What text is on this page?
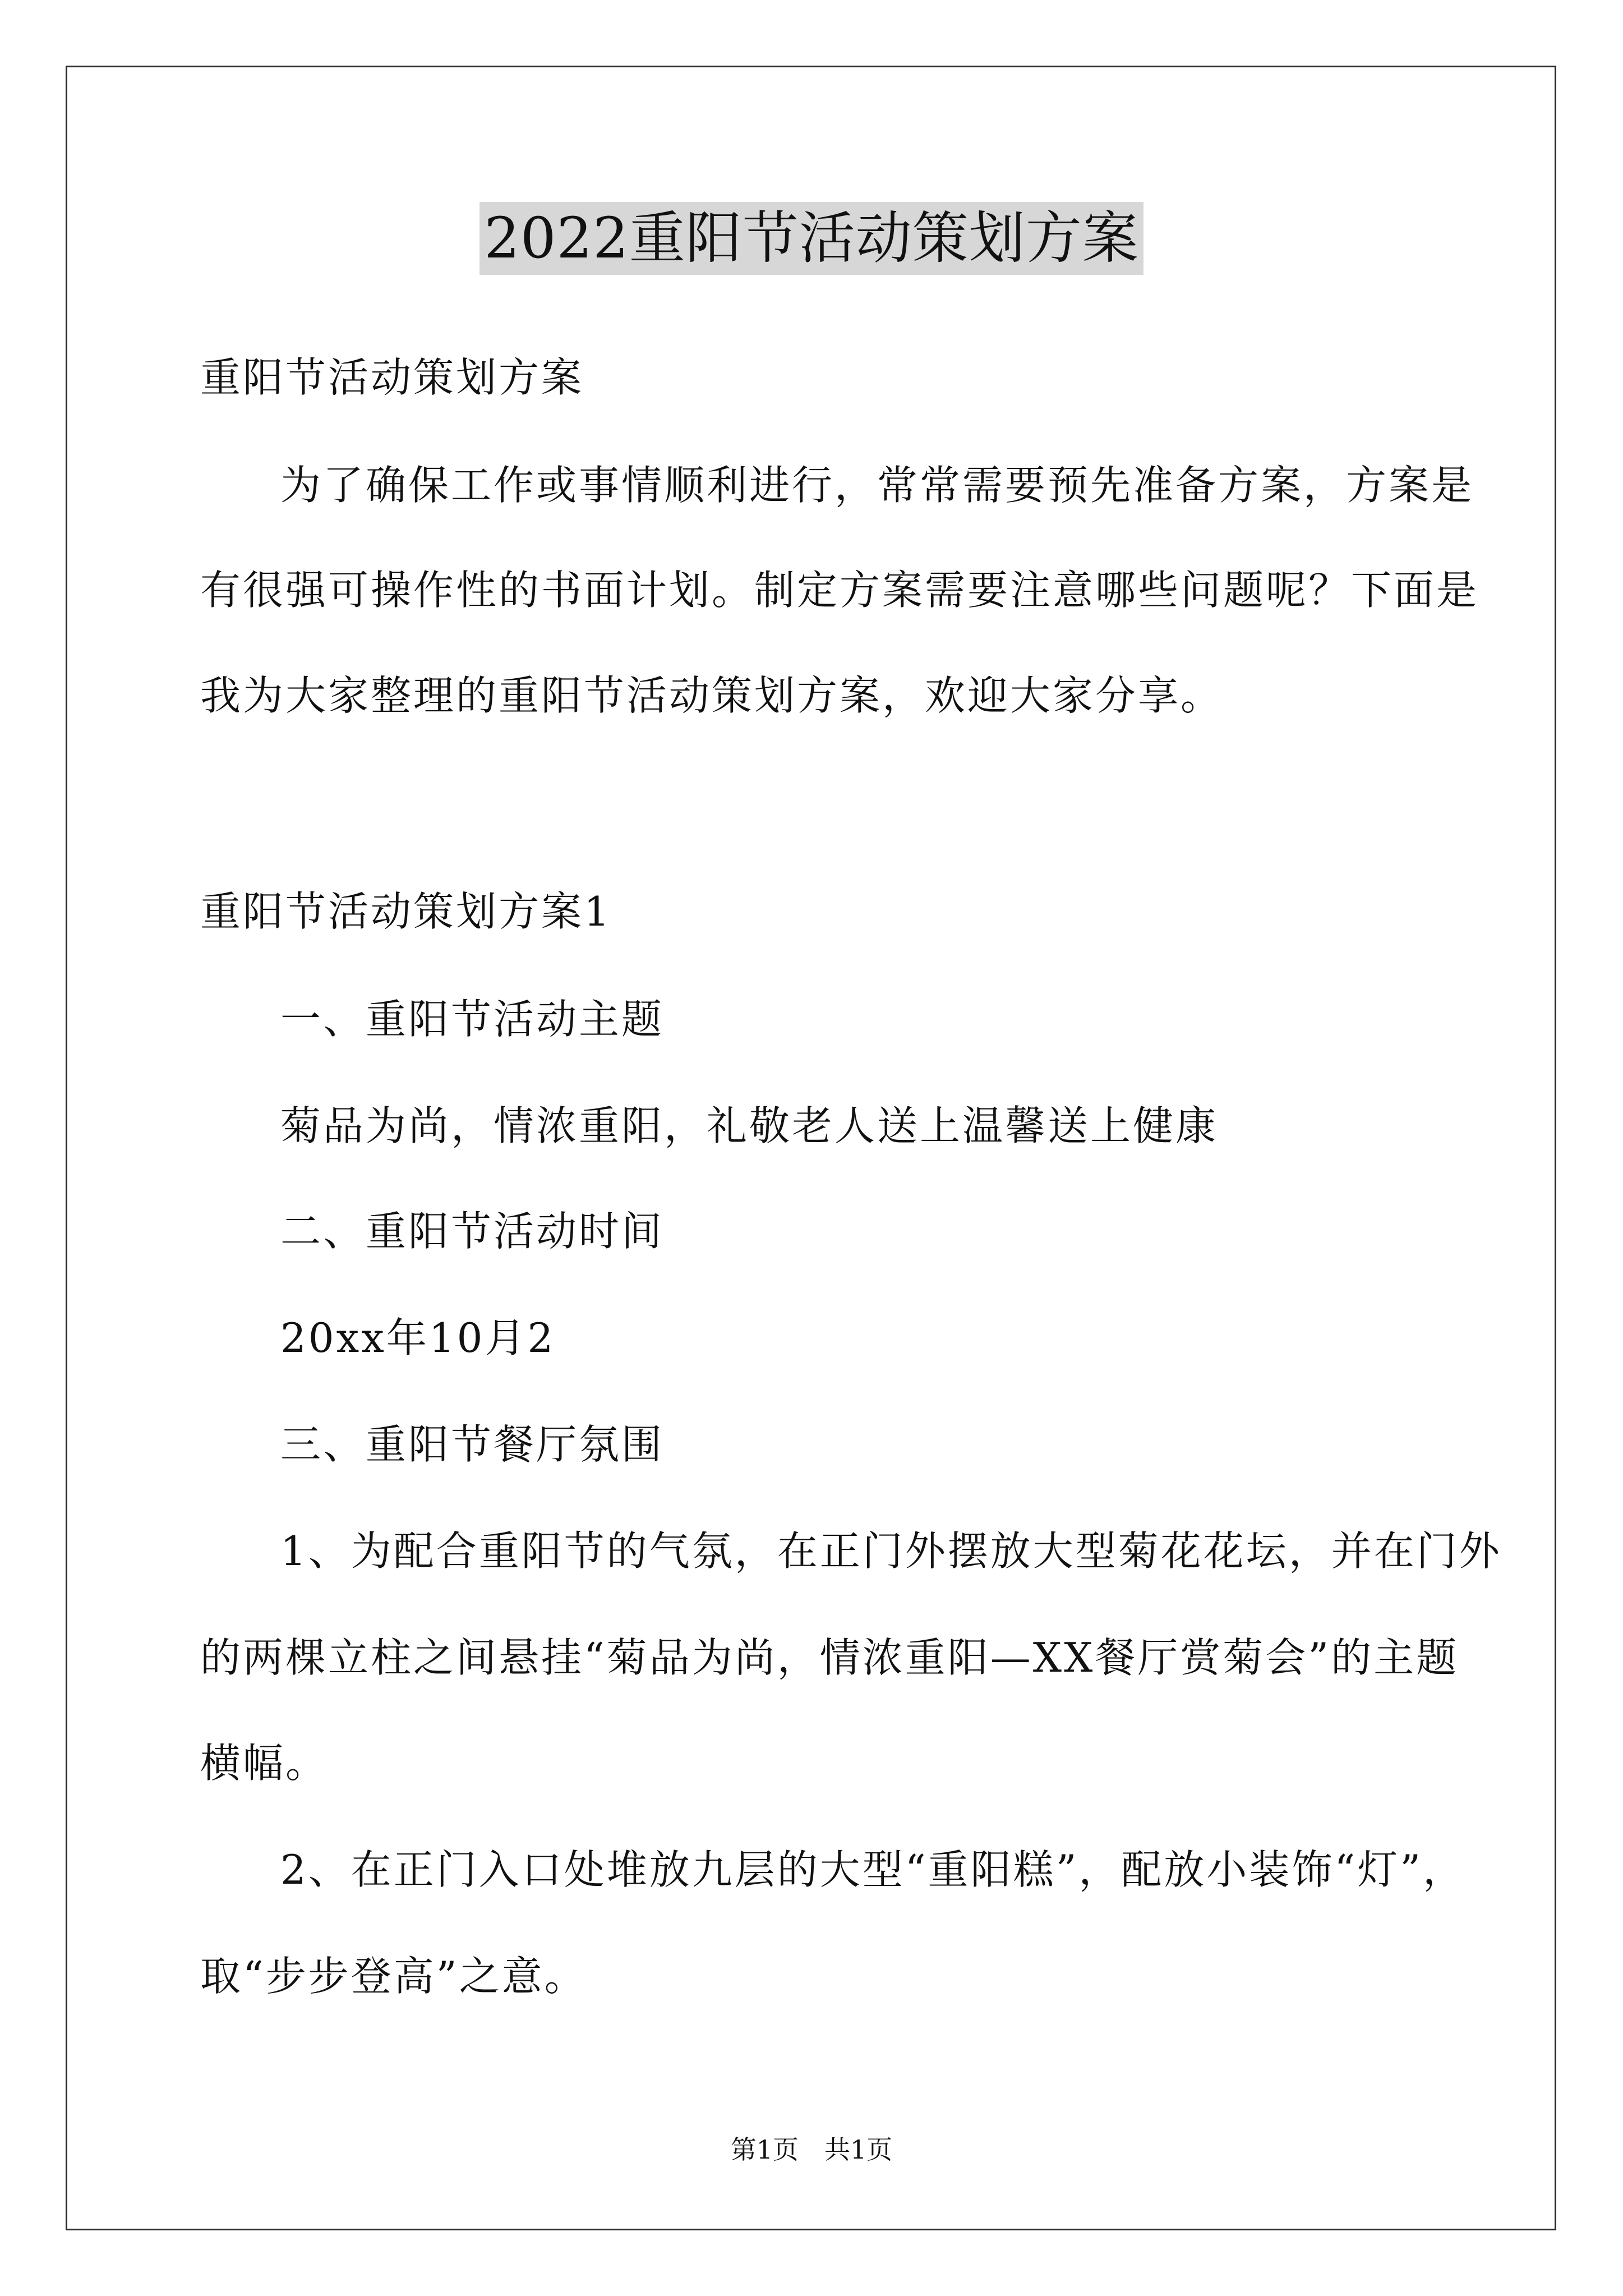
2022重阳节活动策划方案
重阳节活动策划方案
为了确保工作或事情顺利进行，常常需要预先准备方案，方案是
有很强可操作性的书面计划。制定方案需要注意哪些问题呢？下面是
我为大家整理的重阳节活动策划方案，欢迎大家分享。
重阳节活动策划方案1
一、重阳节活动主题
菊品为尚，情浓重阳，礼敬老人送上温馨送上健康
二、重阳节活动时间
20xx年10月2
三、重阳节餐厅氛围
1、为配合重阳节的气氛，在正门外摆放大型菊花花坛，并在门外
的两棵立柱之间悬挂“菊品为尚，情浓重阳—XX餐厅赏菊会”的主题
横幅。
2、在正门入口处堆放九层的大型“重阳糕”，配放小装饰“灯”，
取“步步登高”之意。
第1页　共1页
